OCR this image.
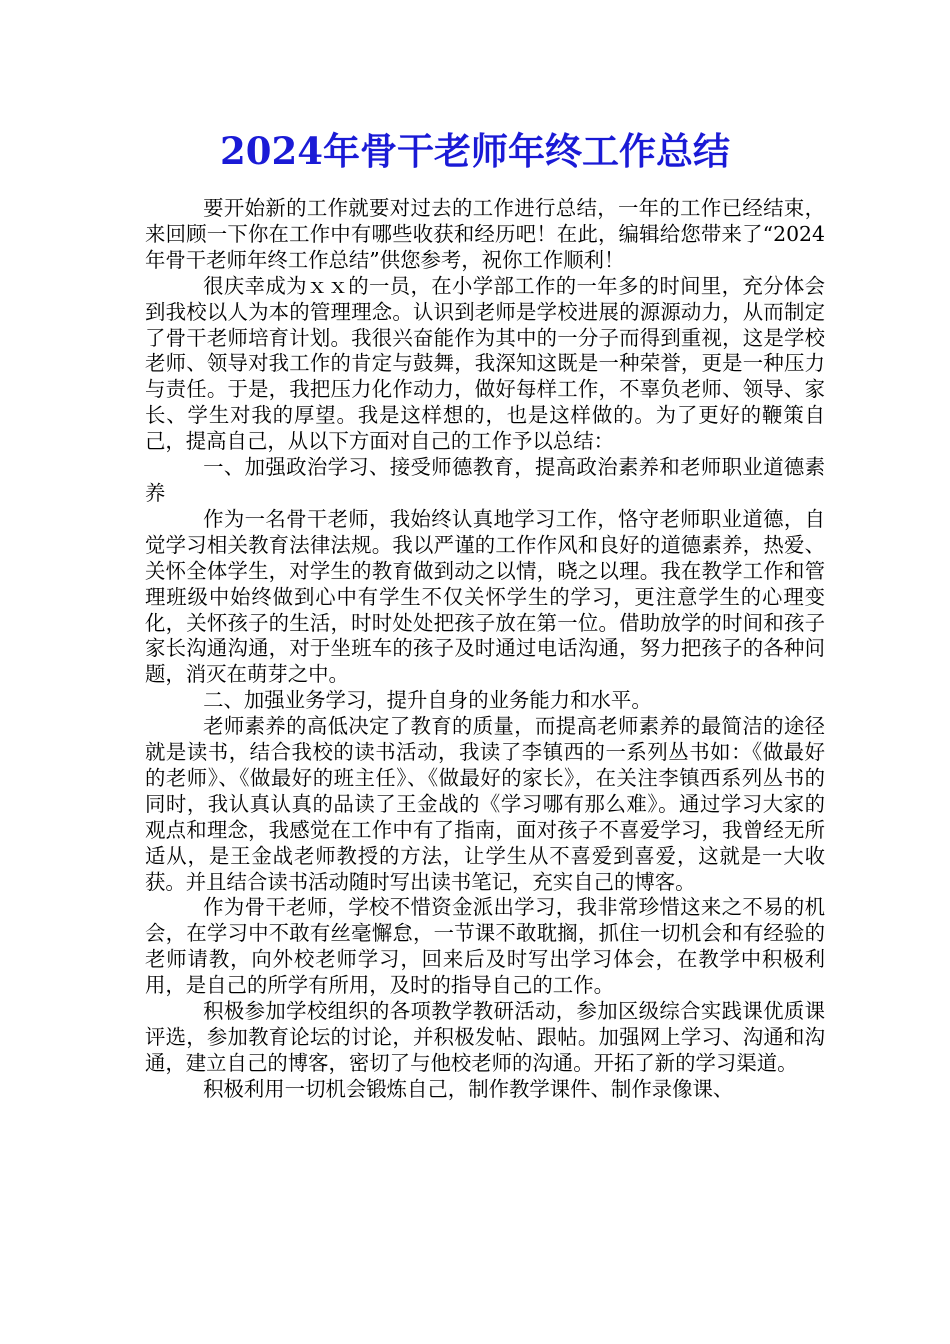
2024年骨干老师年终工作总结

要开始新的工作就要对过去的工作进行总结，一年的工作已经结束，来回顾一下你在工作中有哪些收获和经历吧！在此，编辑给您带来了“2024年骨干老师年终工作总结”供您参考，祝你工作顺利！

很庆幸成为ｘｘ的一员，在小学部工作的一年多的时间里，充分体会到我校以人为本的管理理念。认识到老师是学校进展的源源动力，从而制定了骨干老师培育计划。我很兴奋能作为其中的一分子而得到重视，这是学校老师、领导对我工作的肯定与鼓舞，我深知这既是一种荣誉，更是一种压力与责任。于是，我把压力化作动力，做好每样工作，不辜负老师、领导、家长、学生对我的厚望。我是这样想的，也是这样做的。为了更好的鞭策自己，提高自己，从以下方面对自己的工作予以总结：

一、加强政治学习、接受师德教育，提高政治素养和老师职业道德素养

作为一名骨干老师，我始终认真地学习工作，恪守老师职业道德，自觉学习相关教育法律法规。我以严谨的工作作风和良好的道德素养，热爱、关怀全体学生，对学生的教育做到动之以情，晓之以理。我在教学工作和管理班级中始终做到心中有学生不仅关怀学生的学习，更注意学生的心理变化，关怀孩子的生活，时时处处把孩子放在第一位。借助放学的时间和孩子家长沟通沟通，对于坐班车的孩子及时通过电话沟通，努力把孩子的各种问题，消灭在萌芽之中。

二、加强业务学习，提升自身的业务能力和水平。

老师素养的高低决定了教育的质量，而提高老师素养的最简洁的途径就是读书，结合我校的读书活动，我读了李镇西的一系列丛书如：《做最好的老师》、《做最好的班主任》、《做最好的家长》，在关注李镇西系列丛书的同时，我认真认真的品读了王金战的《学习哪有那么难》。通过学习大家的观点和理念，我感觉在工作中有了指南，面对孩子不喜爱学习，我曾经无所适从，是王金战老师教授的方法，让学生从不喜爱到喜爱，这就是一大收获。并且结合读书活动随时写出读书笔记，充实自己的博客。

作为骨干老师，学校不惜资金派出学习，我非常珍惜这来之不易的机会，在学习中不敢有丝毫懈怠，一节课不敢耽搁，抓住一切机会和有经验的老师请教，向外校老师学习，回来后及时写出学习体会，在教学中积极利用，是自己的所学有所用，及时的指导自己的工作。

积极参加学校组织的各项教学教研活动，参加区级综合实践课优质课评选，参加教育论坛的讨论，并积极发帖、跟帖。加强网上学习、沟通和沟通，建立自己的博客，密切了与他校老师的沟通。开拓了新的学习渠道。

积极利用一切机会锻炼自己，制作教学课件、制作录像课、
